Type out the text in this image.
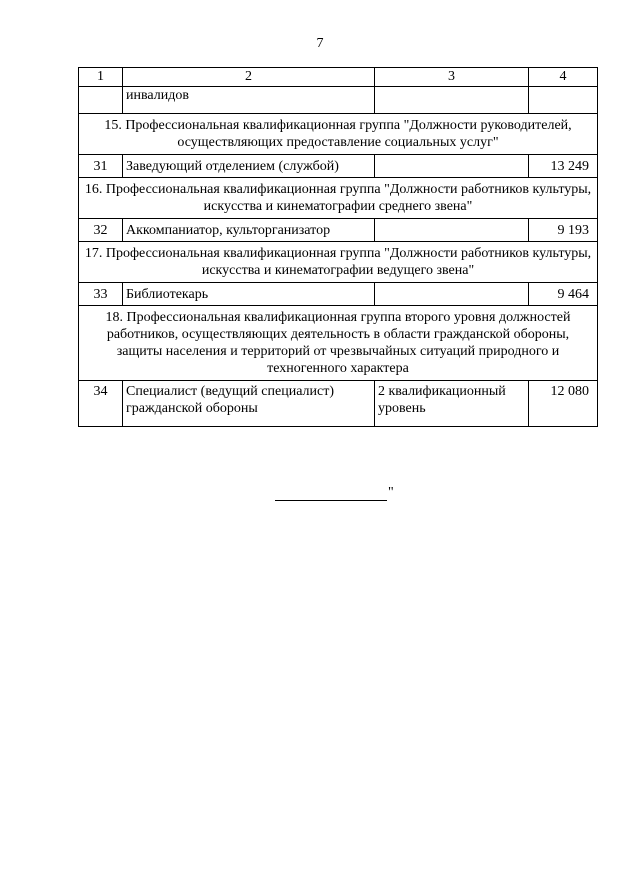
7
1	2	3	4
	инвалидов		
15. Профессиональная квалификационная группа "Должности руководителей, осуществляющих предоставление социальных услуг"			
31	Заведующий отделением (службой)		13 249
16. Профессиональная квалификационная группа "Должности работников культуры, искусства и кинематографии среднего звена"			
32	Аккомпаниатор, культорганизатор		9 193
17. Профессиональная квалификационная группа "Должности работников культуры, искусства и кинематографии ведущего звена"			
33	Библиотекарь		9 464
18. Профессиональная квалификационная группа второго уровня должностей работников, осуществляющих деятельность в области гражданской обороны, защиты населения и территорий от чрезвычайных ситуаций природного и техногенного характера			
34	Специалист (ведущий специалист) гражданской обороны	2 квалификационный уровень	12 080
"
